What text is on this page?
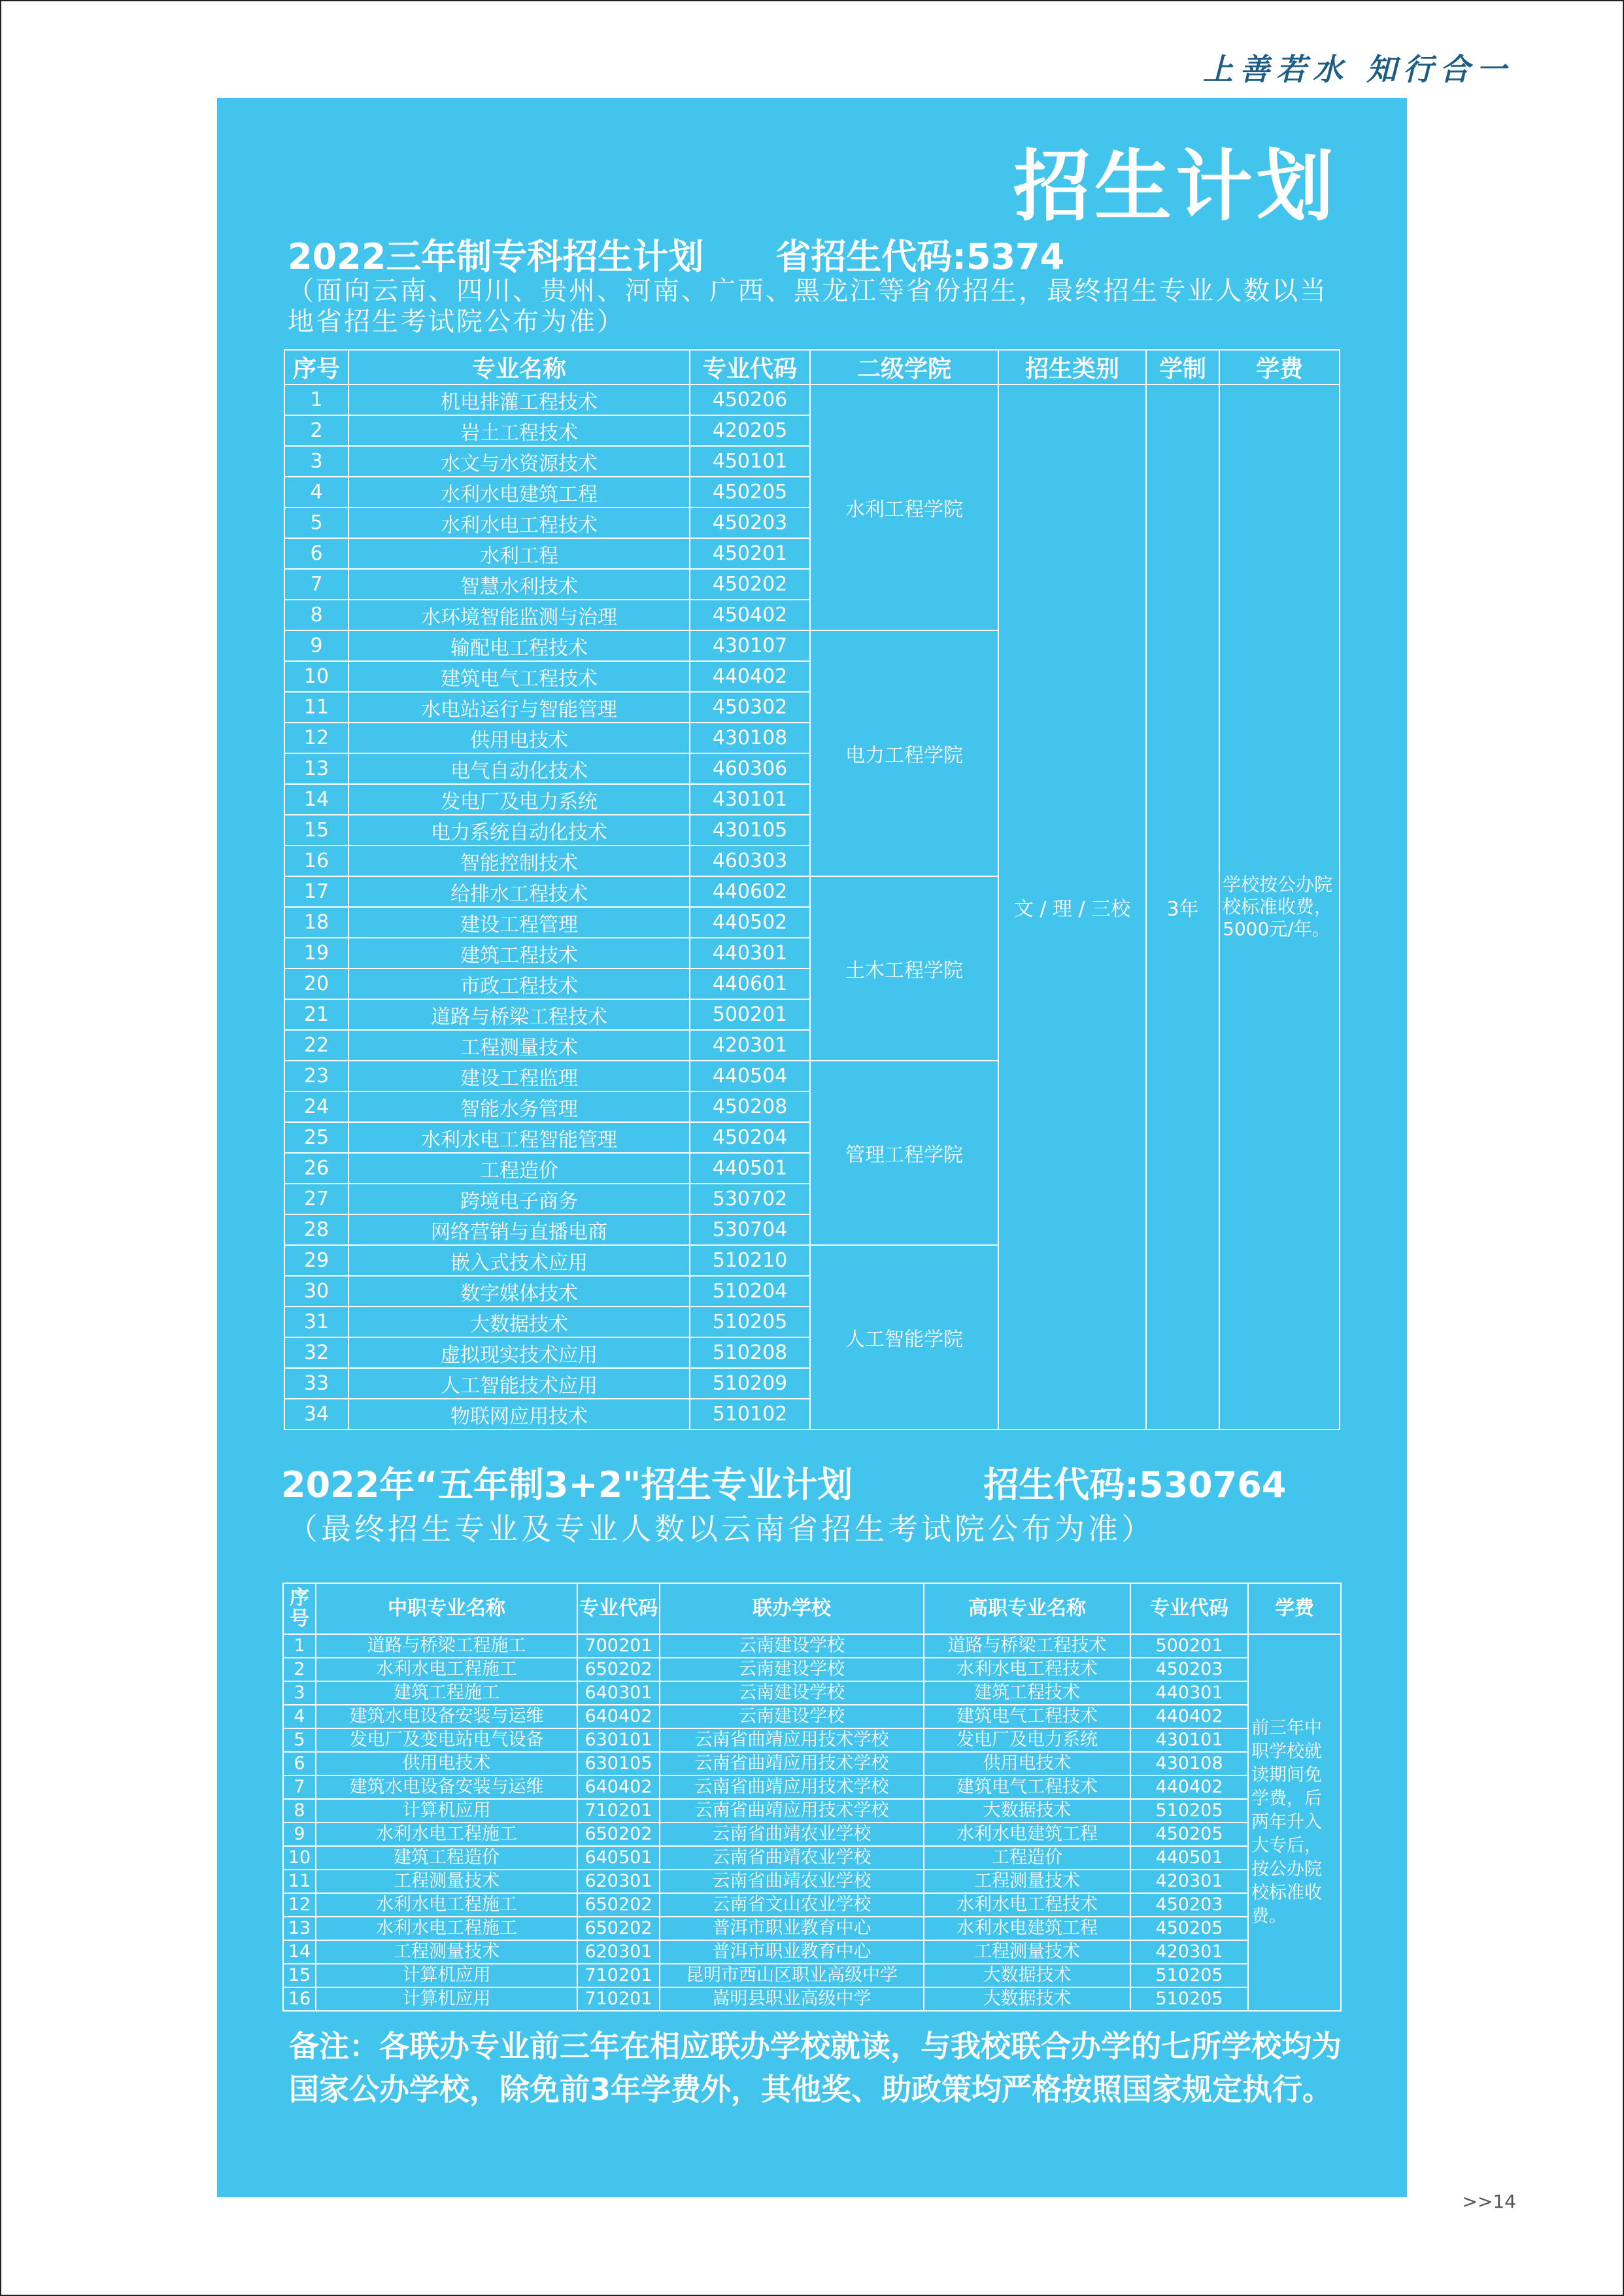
上善若水 知行合一
招生计划
2022三年制专科招生计划 省招生代码:5374
（面向云南、四川、贵州、河南、广西、黑龙江等省份招生，最终招生专业人数以当地省招生考试院公布为准）
序号	专业名称	专业代码	二级学院	招生类别	学制	学费
1	机电排灌工程技术	450206	水利工程学院	文 / 理 / 三校	3年	学校按公办院校标准收费，5000元/年。
2	岩土工程技术	420205				
3	水文与水资源技术	450101				
4	水利水电建筑工程	450205				
5	水利水电工程技术	450203				
6	水利工程	450201				
7	智慧水利技术	450202				
8	水环境智能监测与治理	450402				
9	输配电工程技术	430107	电力工程学院			
10	建筑电气工程技术	440402				
11	水电站运行与智能管理	450302				
12	供用电技术	430108				
13	电气自动化技术	460306				
14	发电厂及电力系统	430101				
15	电力系统自动化技术	430105				
16	智能控制技术	460303				
17	给排水工程技术	440602	土木工程学院			
18	建设工程管理	440502				
19	建筑工程技术	440301				
20	市政工程技术	440601				
21	道路与桥梁工程技术	500201				
22	工程测量技术	420301				
23	建设工程监理	440504	管理工程学院			
24	智能水务管理	450208				
25	水利水电工程智能管理	450204				
26	工程造价	440501				
27	跨境电子商务	530702				
28	网络营销与直播电商	530704				
29	嵌入式技术应用	510210	人工智能学院			
30	数字媒体技术	510204				
31	大数据技术	510205				
32	虚拟现实技术应用	510208				
33	人工智能技术应用	510209				
34	物联网应用技术	510102				
2022年“五年制3+2"招生专业计划	招生代码:530764
（最终招生专业及专业人数以云南省招生考试院公布为准）
序号	中职专业名称	专业代码	联办学校	高职专业名称	专业代码	学费
1	道路与桥梁工程施工	700201	云南建设学校	道路与桥梁工程技术	500201	前三年中职学校就读期间免学费，后两年升入大专后，按公办院校标准收费。
2	水利水电工程施工	650202	云南建设学校	水利水电工程技术	450203	
3	建筑工程施工	640301	云南建设学校	建筑工程技术	440301	
4	建筑水电设备安装与运维	640402	云南建设学校	建筑电气工程技术	440402	
5	发电厂及变电站电气设备	630101	云南省曲靖应用技术学校	发电厂及电力系统	430101	
6	供用电技术	630105	云南省曲靖应用技术学校	供用电技术	430108	
7	建筑水电设备安装与运维	640402	云南省曲靖应用技术学校	建筑电气工程技术	440402	
8	计算机应用	710201	云南省曲靖应用技术学校	大数据技术	510205	
9	水利水电工程施工	650202	云南省曲靖农业学校	水利水电建筑工程	450205	
10	建筑工程造价	640501	云南省曲靖农业学校	工程造价	440501	
11	工程测量技术	620301	云南省曲靖农业学校	工程测量技术	420301	
12	水利水电工程施工	650202	云南省文山农业学校	水利水电工程技术	450203	
13	水利水电工程施工	650202	普洱市职业教育中心	水利水电建筑工程	450205	
14	工程测量技术	620301	普洱市职业教育中心	工程测量技术	420301	
15	计算机应用	710201	昆明市西山区职业高级中学	大数据技术	510205	
16	计算机应用	710201	嵩明县职业高级中学	大数据技术	510205	
备注：各联办专业前三年在相应联办学校就读，与我校联合办学的七所学校均为国家公办学校，除免前3年学费外，其他奖、助政策均严格按照国家规定执行。
>>14
